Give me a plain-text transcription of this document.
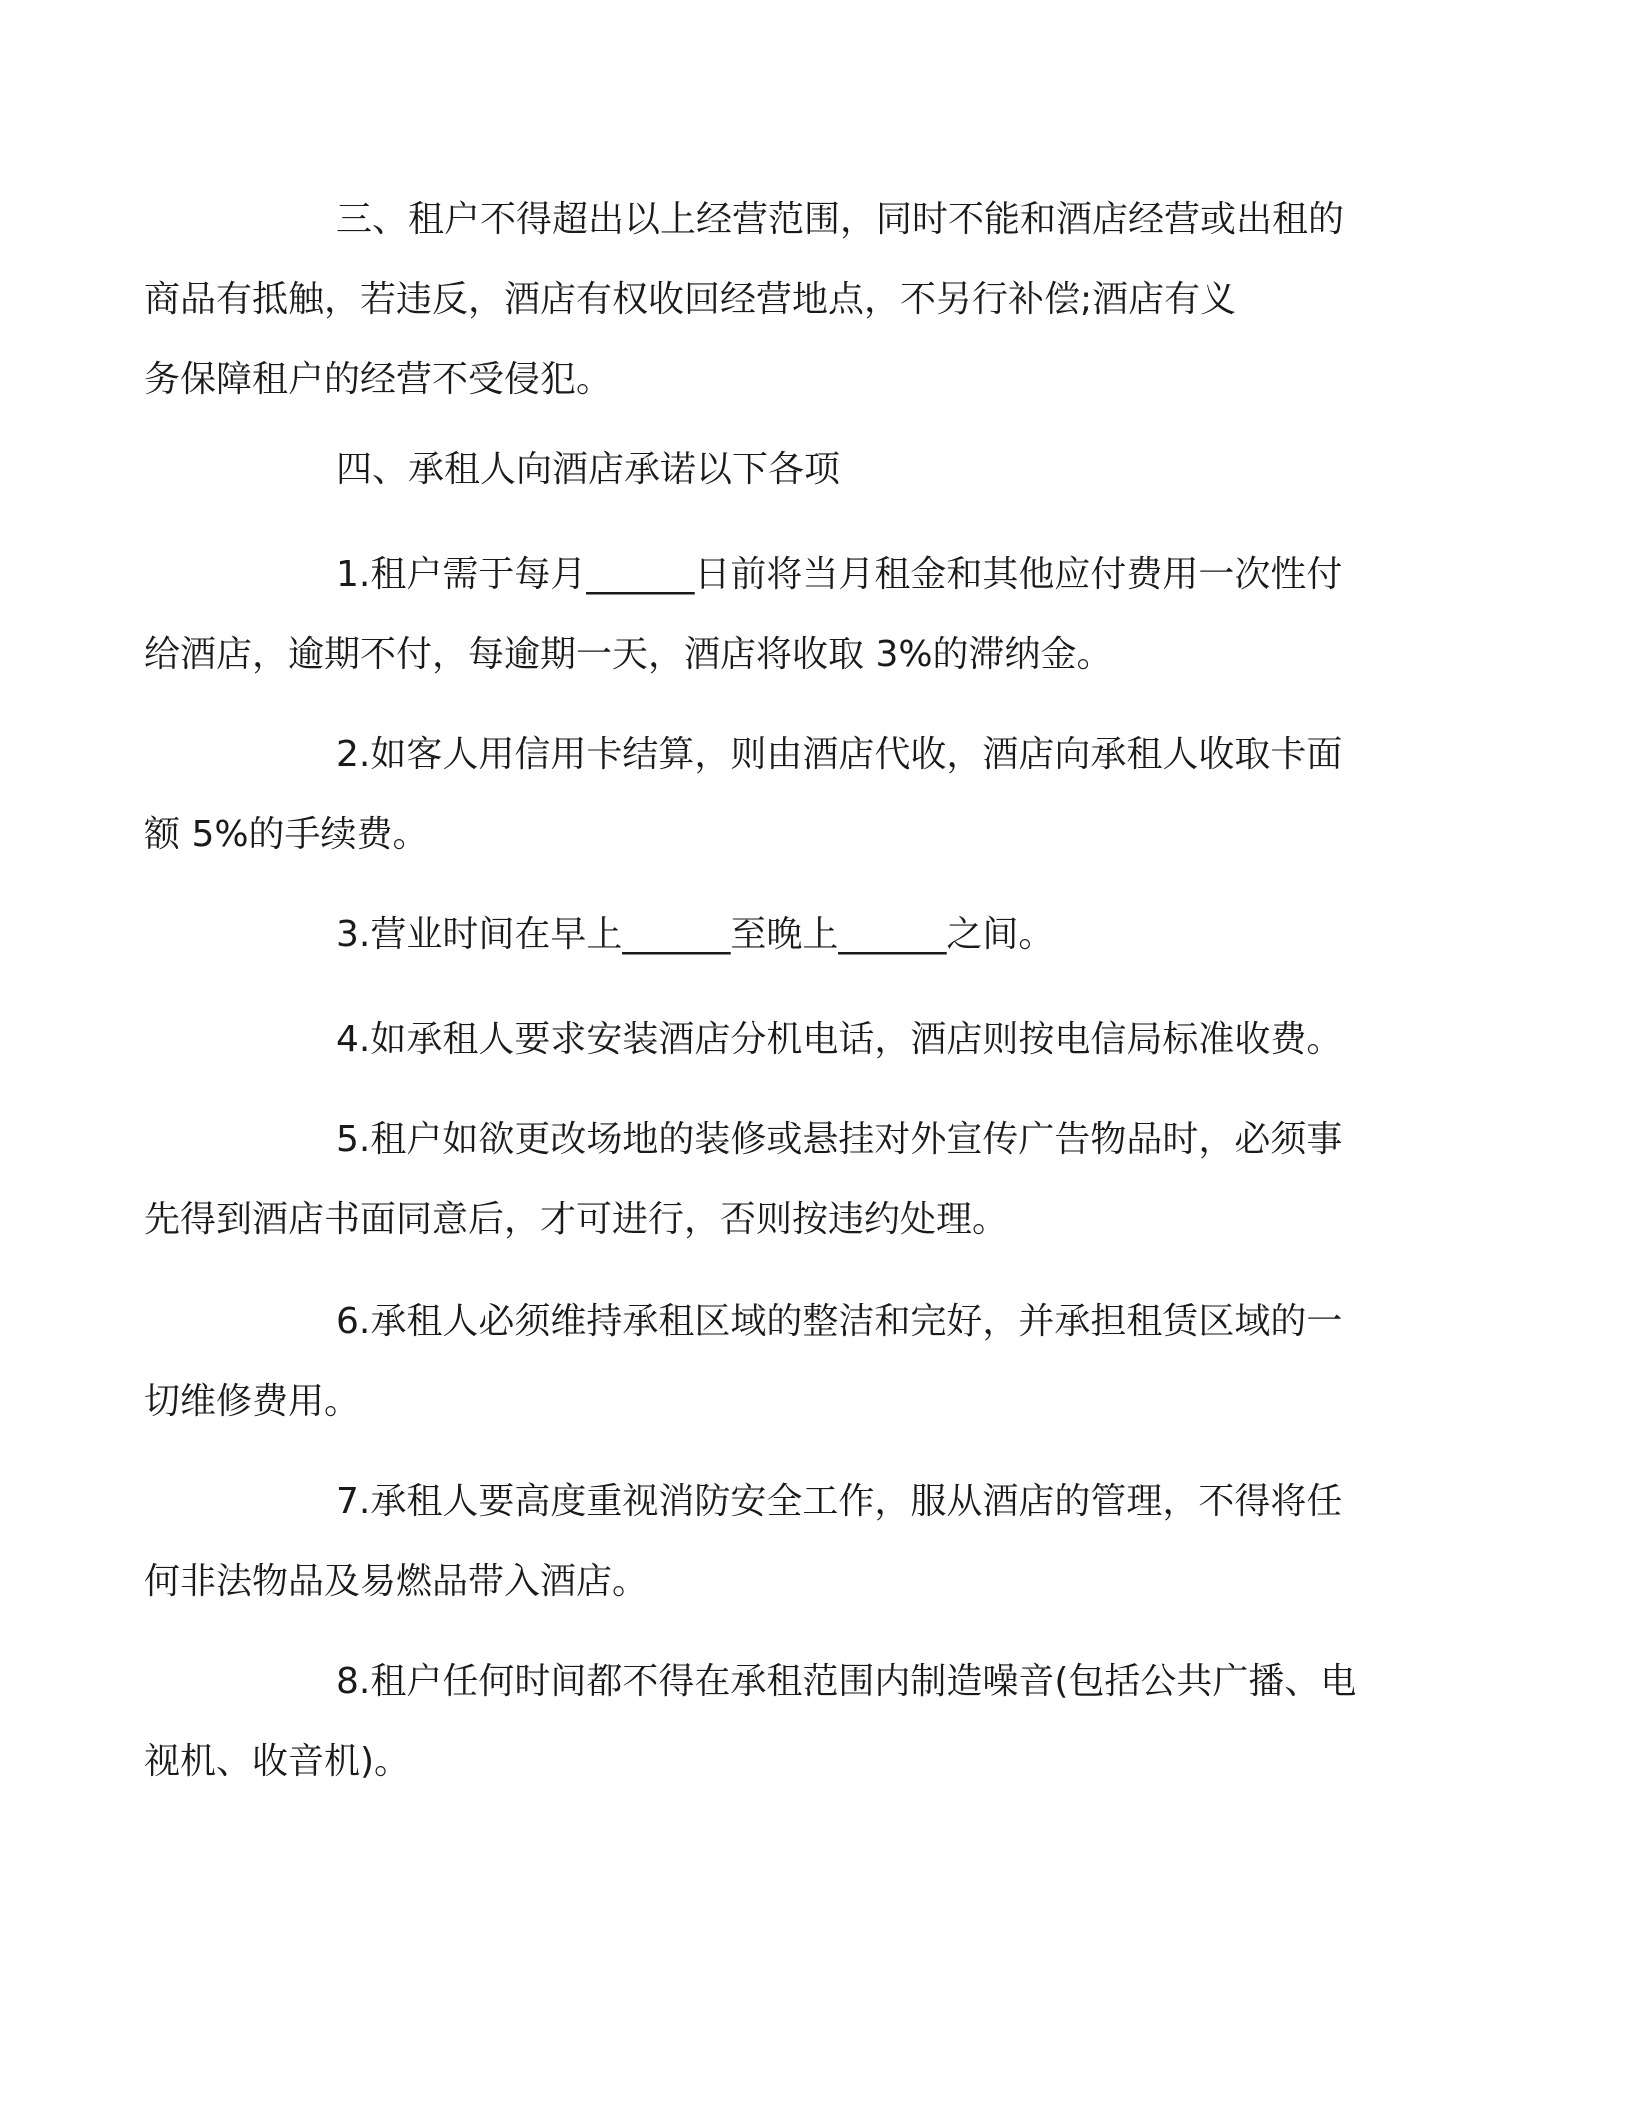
三、租户不得超出以上经营范围，同时不能和酒店经营或出租的
商品有抵触，若违反，酒店有权收回经营地点，不另行补偿;酒店有义
务保障租户的经营不受侵犯。
四、承租人向酒店承诺以下各项
1.租户需于每月______日前将当月租金和其他应付费用一次性付
给酒店，逾期不付，每逾期一天，酒店将收取 3%的滞纳金。
2.如客人用信用卡结算，则由酒店代收，酒店向承租人收取卡面
额 5%的手续费。
3.营业时间在早上______至晚上______之间。
4.如承租人要求安装酒店分机电话，酒店则按电信局标准收费。
5.租户如欲更改场地的装修或悬挂对外宣传广告物品时，必须事
先得到酒店书面同意后，才可进行，否则按违约处理。
6.承租人必须维持承租区域的整洁和完好，并承担租赁区域的一
切维修费用。
7.承租人要高度重视消防安全工作，服从酒店的管理，不得将任
何非法物品及易燃品带入酒店。
8.租户任何时间都不得在承租范围内制造噪音(包括公共广播、电
视机、收音机)。
